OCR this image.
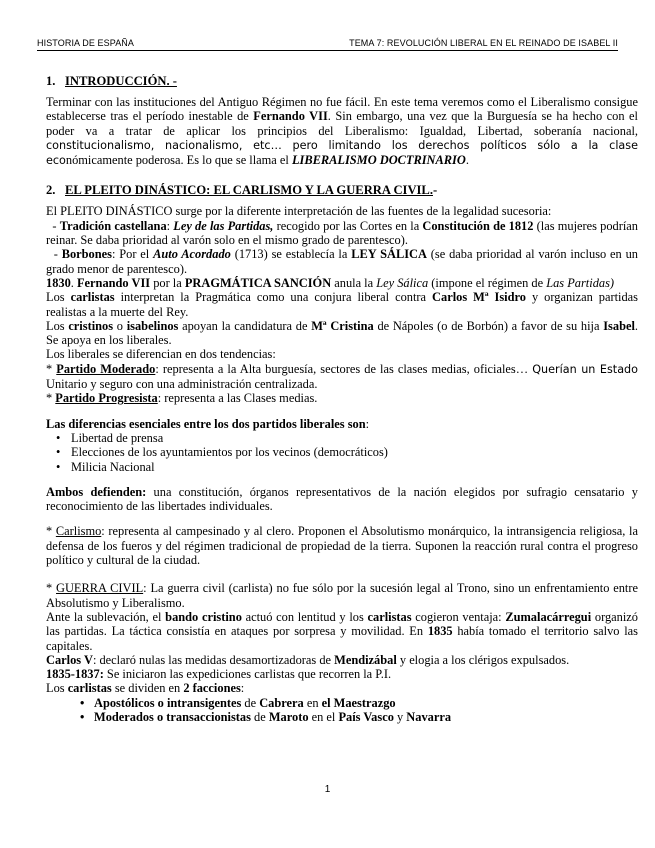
HISTORIA DE ESPAÑA	TEMA 7: REVOLUCIÓN LIBERAL EN EL REINADO DE ISABEL II
1. INTRODUCCIÓN. -

Terminar con las instituciones del Antiguo Régimen no fue fácil. En este tema veremos como el Liberalismo consigue establecerse tras el período inestable de Fernando VII. Sin embargo, una vez que la Burguesía se ha hecho con el poder va a tratar de aplicar los principios del Liberalismo: Igualdad, Libertad, soberanía nacional, constitucionalismo, nacionalismo, etc… pero limitando los derechos políticos sólo a la clase económicamente poderosa. Es lo que se llama el LIBERALISMO DOCTRINARIO.

2. EL PLEITO DINÁSTICO: EL CARLISMO Y LA GUERRA CIVIL.-

El PLEITO DINÁSTICO surge por la diferente interpretación de las fuentes de la legalidad sucesoria:

- Tradición castellana: Ley de las Partidas, recogido por las Cortes en la Constitución de 1812 (las mujeres podrían reinar. Se daba prioridad al varón solo en el mismo grado de parentesco).

- Borbones: Por el Auto Acordado (1713) se establecía la LEY SÁLICA (se daba prioridad al varón incluso en un grado menor de parentesco).

1830. Fernando VII por la PRAGMÁTICA SANCIÓN anula la Ley Sálica (impone el régimen de Las Partidas)

Los carlistas interpretan la Pragmática como una conjura liberal contra Carlos Mª Isidro y organizan partidas realistas a la muerte del Rey.

Los cristinos o isabelinos apoyan la candidatura de Mª Cristina de Nápoles (o de Borbón) a favor de su hija Isabel. Se apoya en los liberales.

Los liberales se diferencian en dos tendencias:

* Partido Moderado: representa a la Alta burguesía, sectores de las clases medias, oficiales… Querían un Estado Unitario y seguro con una administración centralizada.

* Partido Progresista: representa a las Clases medias.

Las diferencias esenciales entre los dos partidos liberales son:

• Libertad de prensa
• Elecciones de los ayuntamientos por los vecinos (democráticos)
• Milicia Nacional

Ambos defienden: una constitución, órganos representativos de la nación elegidos por sufragio censatario y reconocimiento de las libertades individuales.

* Carlismo: representa al campesinado y al clero. Proponen el Absolutismo monárquico, la intransigencia religiosa, la defensa de los fueros y del régimen tradicional de propiedad de la tierra. Suponen la reacción rural contra el progreso político y cultural de la ciudad.

* GUERRA CIVIL: La guerra civil (carlista) no fue sólo por la sucesión legal al Trono, sino un enfrentamiento entre Absolutismo y Liberalismo.

Ante la sublevación, el bando cristino actuó con lentitud y los carlistas cogieron ventaja: Zumalacárregui organizó las partidas. La táctica consistía en ataques por sorpresa y movilidad. En 1835 había tomado el territorio salvo las capitales.

Carlos V: declaró nulas las medidas desamortizadoras de Mendizábal y elogia a los clérigos expulsados.

1835-1837: Se iniciaron las expediciones carlistas que recorren la P.I.

Los carlistas se dividen en 2 facciones:

• Apostólicos o intransigentes de Cabrera en el Maestrazgo
• Moderados o transaccionistas de Maroto en el País Vasco y Navarra
1
